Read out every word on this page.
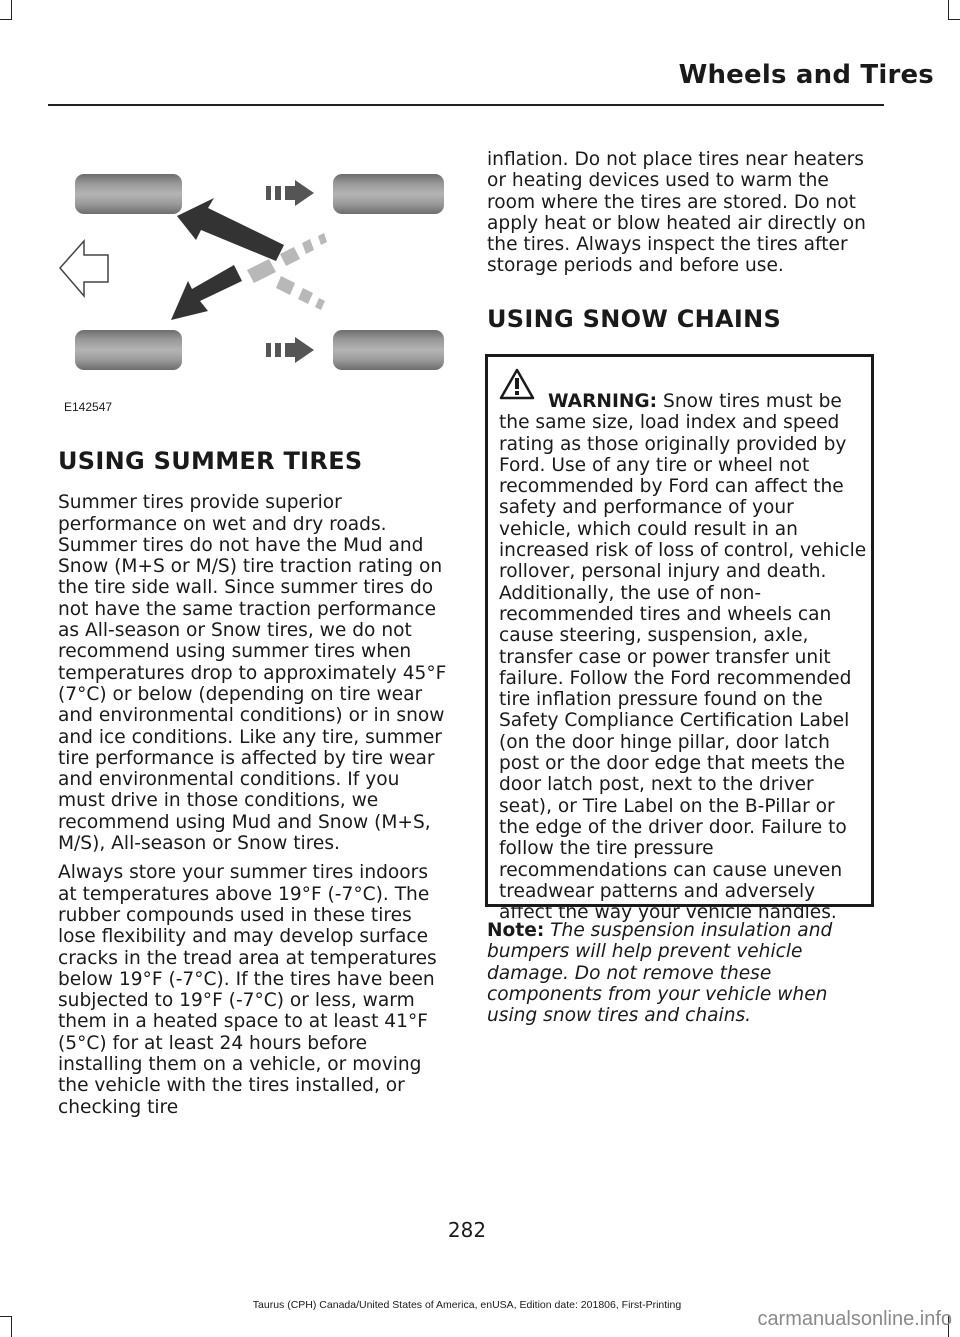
Wheels and Tires
E142547
USING SUMMER TIRES

Summer tires provide superior performance on wet and dry roads. Summer tires do not have the Mud and Snow (M+S or M/S) tire traction rating on the tire side wall. Since summer tires do not have the same traction performance as All-season or Snow tires, we do not recommend using summer tires when temperatures drop to approximately 45°F (7°C) or below (depending on tire wear and environmental conditions) or in snow and ice conditions. Like any tire, summer tire performance is affected by tire wear and environmental conditions. If you must drive in those conditions, we recommend using Mud and Snow (M+S, M/S), All-season or Snow tires.

Always store your summer tires indoors at temperatures above 19°F (-7°C). The rubber compounds used in these tires lose flexibility and may develop surface cracks in the tread area at temperatures below 19°F (-7°C). If the tires have been subjected to 19°F (-7°C) or less, warm them in a heated space to at least 41°F (5°C) for at least 24 hours before installing them on a vehicle, or moving the vehicle with the tires installed, or checking tire

inflation. Do not place tires near heaters or heating devices used to warm the room where the tires are stored. Do not apply heat or blow heated air directly on the tires. Always inspect the tires after storage periods and before use.

USING SNOW CHAINS
WARNING: Snow tires must be the same size, load index and speed rating as those originally provided by Ford. Use of any tire or wheel not recommended by Ford can affect the safety and performance of your vehicle, which could result in an increased risk of loss of control, vehicle rollover, personal injury and death. Additionally, the use of non-recommended tires and wheels can cause steering, suspension, axle, transfer case or power transfer unit failure. Follow the Ford recommended tire inflation pressure found on the Safety Compliance Certification Label (on the door hinge pillar, door latch post or the door edge that meets the door latch post, next to the driver seat), or Tire Label on the B-Pillar or the edge of the driver door. Failure to follow the tire pressure recommendations can cause uneven treadwear patterns and adversely affect the way your vehicle handles.
Note: The suspension insulation and bumpers will help prevent vehicle damage. Do not remove these components from your vehicle when using snow tires and chains.
282
Taurus (CPH) Canada/United States of America, enUSA, Edition date: 201806, First-Printing
carmanualsonline.info
